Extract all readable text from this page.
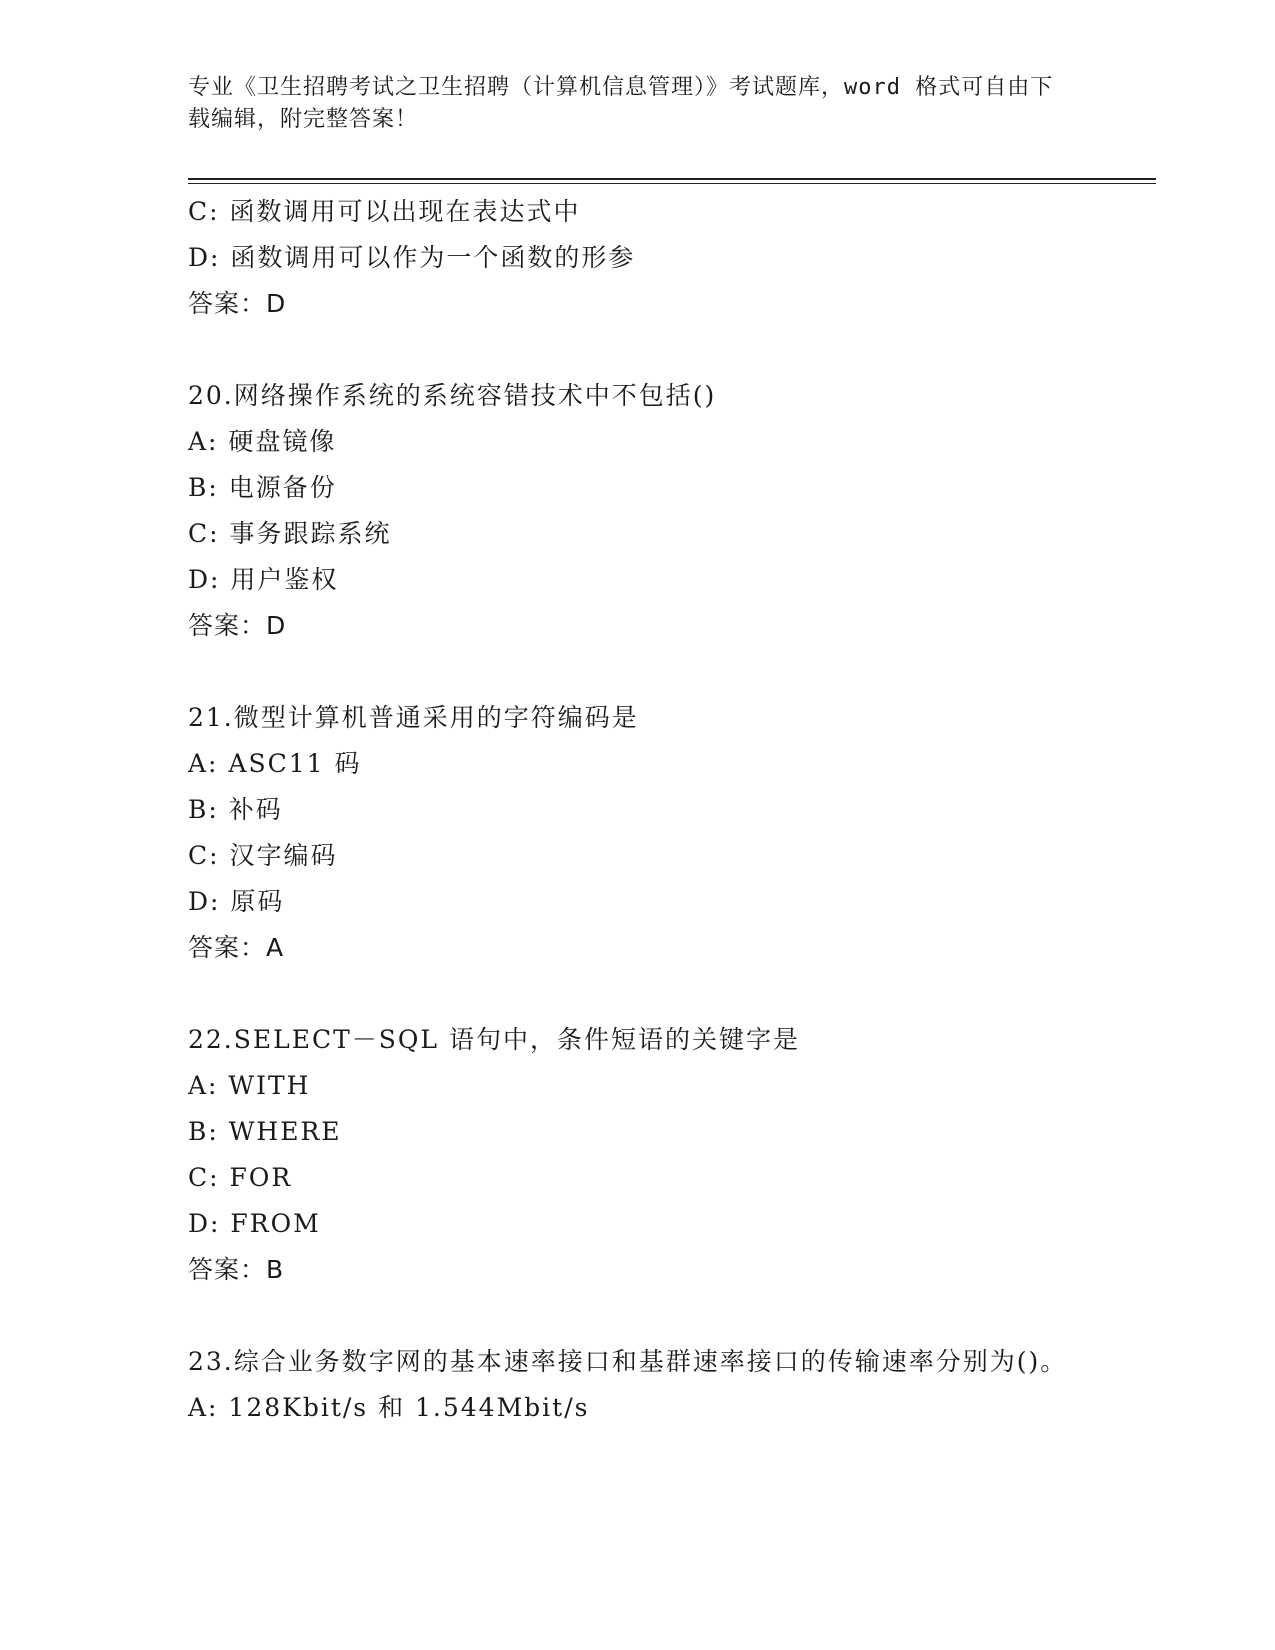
专业《卫生招聘考试之卫生招聘（计算机信息管理）》考试题库，word 格式可自由下载编辑，附完整答案！
C: 函数调用可以出现在表达式中
D: 函数调用可以作为一个函数的形参
答案：D
20.网络操作系统的系统容错技术中不包括()
A: 硬盘镜像
B: 电源备份
C: 事务跟踪系统
D: 用户鉴权
答案：D
21.微型计算机普通采用的字符编码是
A: ASC11 码
B: 补码
C: 汉字编码
D: 原码
答案：A
22.SELECT－SQL 语句中，条件短语的关键字是
A: WITH
B: WHERE
C: FOR
D: FROM
答案：B
23.综合业务数字网的基本速率接口和基群速率接口的传输速率分别为()。
A: 128Kbit/s 和 1.544Mbit/s
